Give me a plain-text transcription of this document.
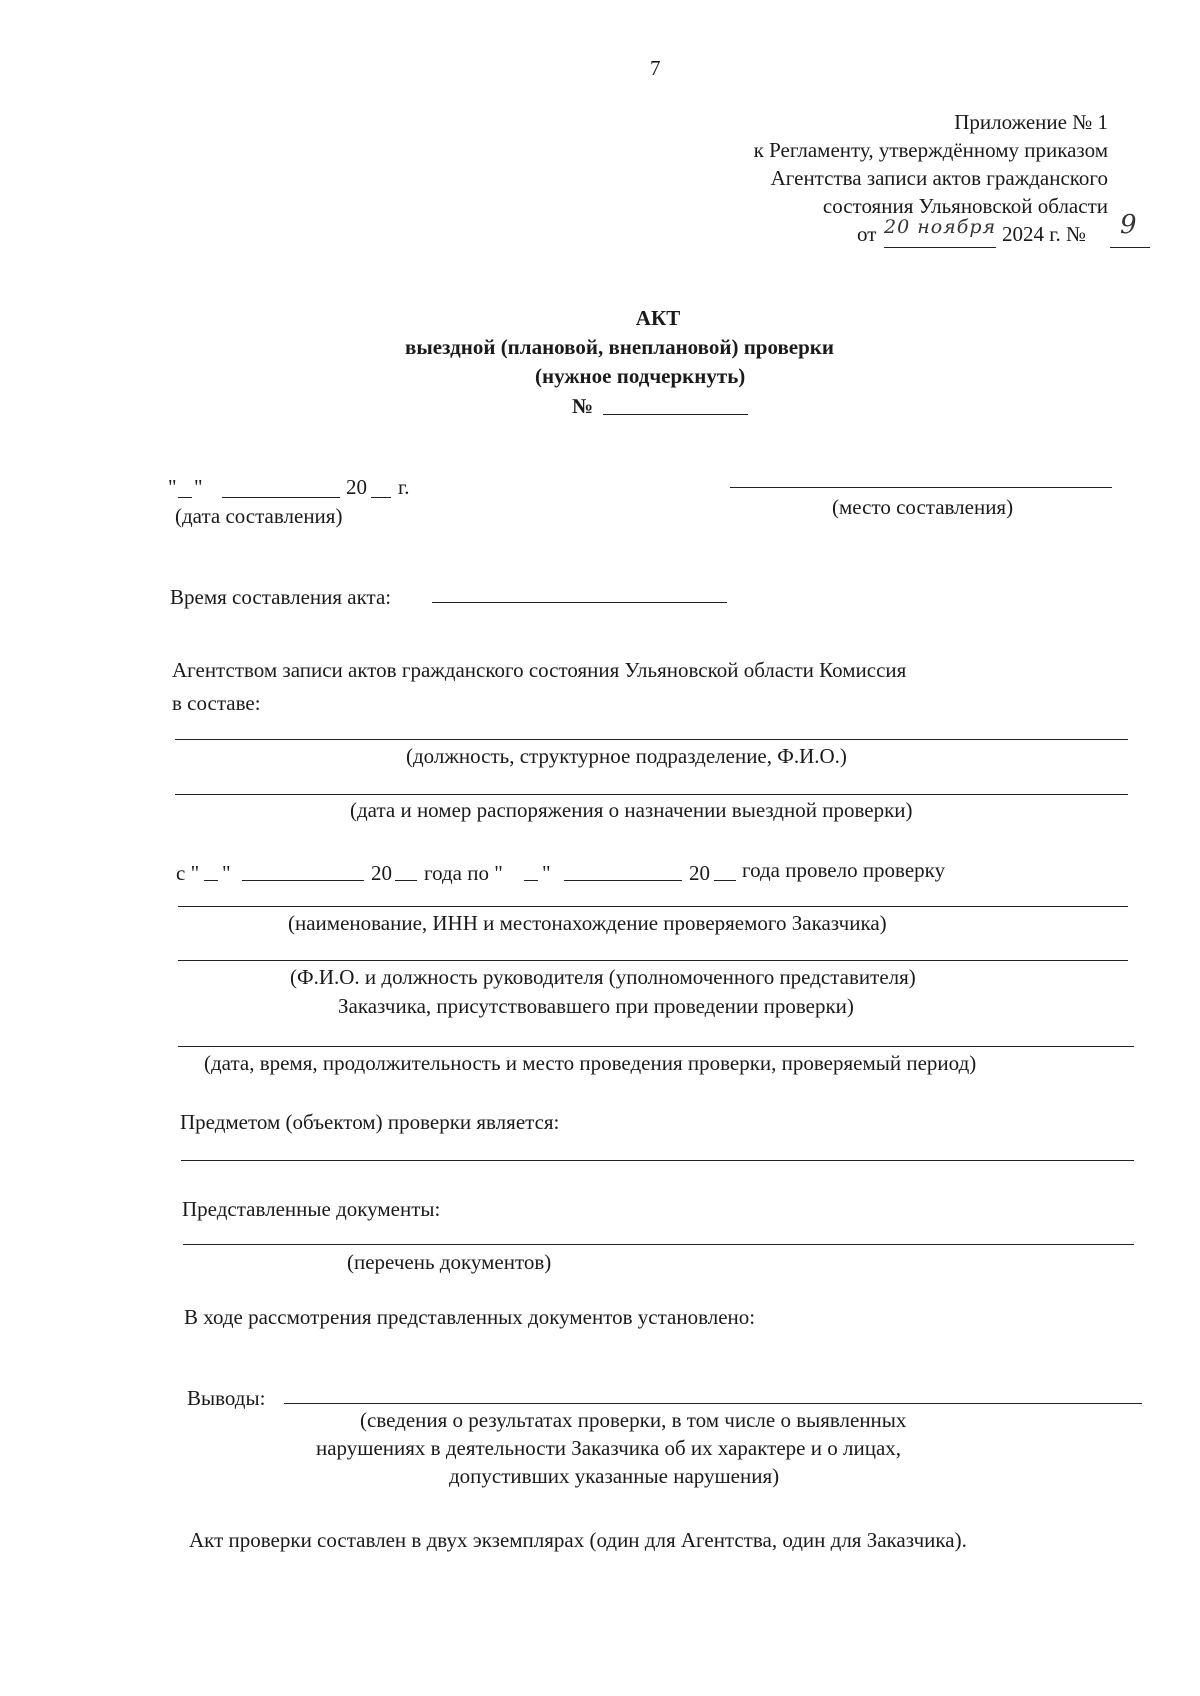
7
Приложение № 1
к Регламенту, утверждённому приказом
Агентства записи актов гражданского
состояния Ульяновской области
от 20 ноября 2024 г. № 9
АКТ
выездной (плановой, внеплановой) проверки
(нужное подчеркнуть)
№
" "	20 г.
(дата составления)	(место составления)
Время составления акта:
Агентством записи актов гражданского состояния Ульяновской области Комиссия
в составе:
(должность, структурное подразделение, Ф.И.О.)
(дата и номер распоряжения о назначении выездной проверки)
с " "	20 года по " "	20 года провело проверку
(наименование, ИНН и местонахождение проверяемого Заказчика)
(Ф.И.О. и должность руководителя (уполномоченного представителя)
Заказчика, присутствовавшего при проведении проверки)
(дата, время, продолжительность и место проведения проверки, проверяемый период)
Предметом (объектом) проверки является:
Представленные документы:
(перечень документов)
В ходе рассмотрения представленных документов установлено:
Выводы:
(сведения о результатах проверки, в том числе о выявленных
нарушениях в деятельности Заказчика об их характере и о лицах,
допустивших указанные нарушения)
Акт проверки составлен в двух экземплярах (один для Агентства, один для Заказчика).
